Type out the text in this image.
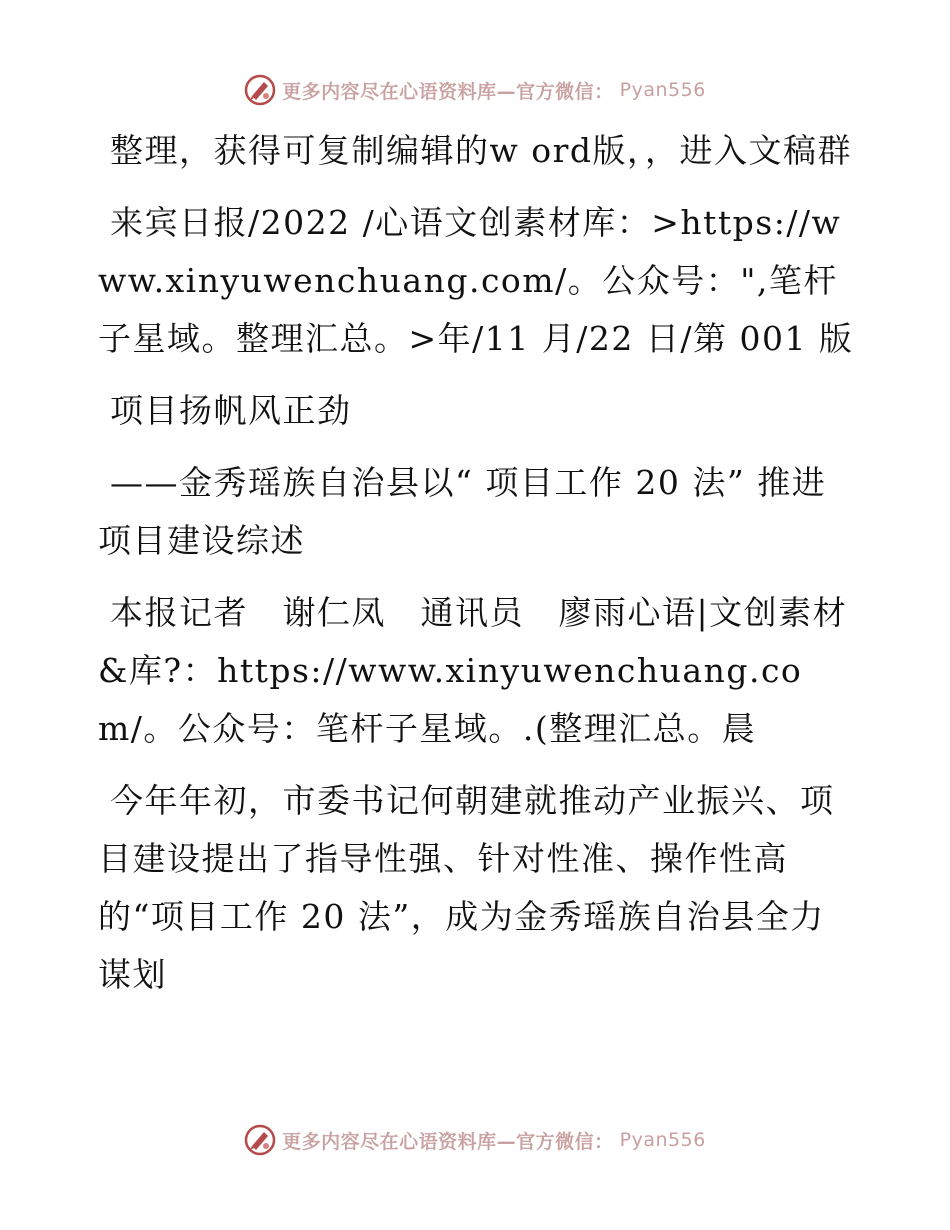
更多内容尽在心语资料库—官方微信： Pyan556

整理，获得可复制编辑的w ord版，，进入文稿群

来宾日报/2022 /心语文创素材库：>https://www.xinyuwenchuang.com/。公众号：",笔杆子星域。整理汇总。>年/11 月/22 日/第 001 版

项目扬帆风正劲

——金秀瑶族自治县以“ 项目工作 20 法” 推进项目建设综述

本报记者　谢仁凤　通讯员　廖雨心语|文创素材&库?：https://www.xinyuwenchuang.com/。公众号：笔杆子星域。.(整理汇总。晨

今年年初，市委书记何朝建就推动产业振兴、项目建设提出了指导性强、针对性准、操作性高的“项目工作 20 法”，成为金秀瑶族自治县全力谋划

更多内容尽在心语资料库—官方微信： Pyan556
